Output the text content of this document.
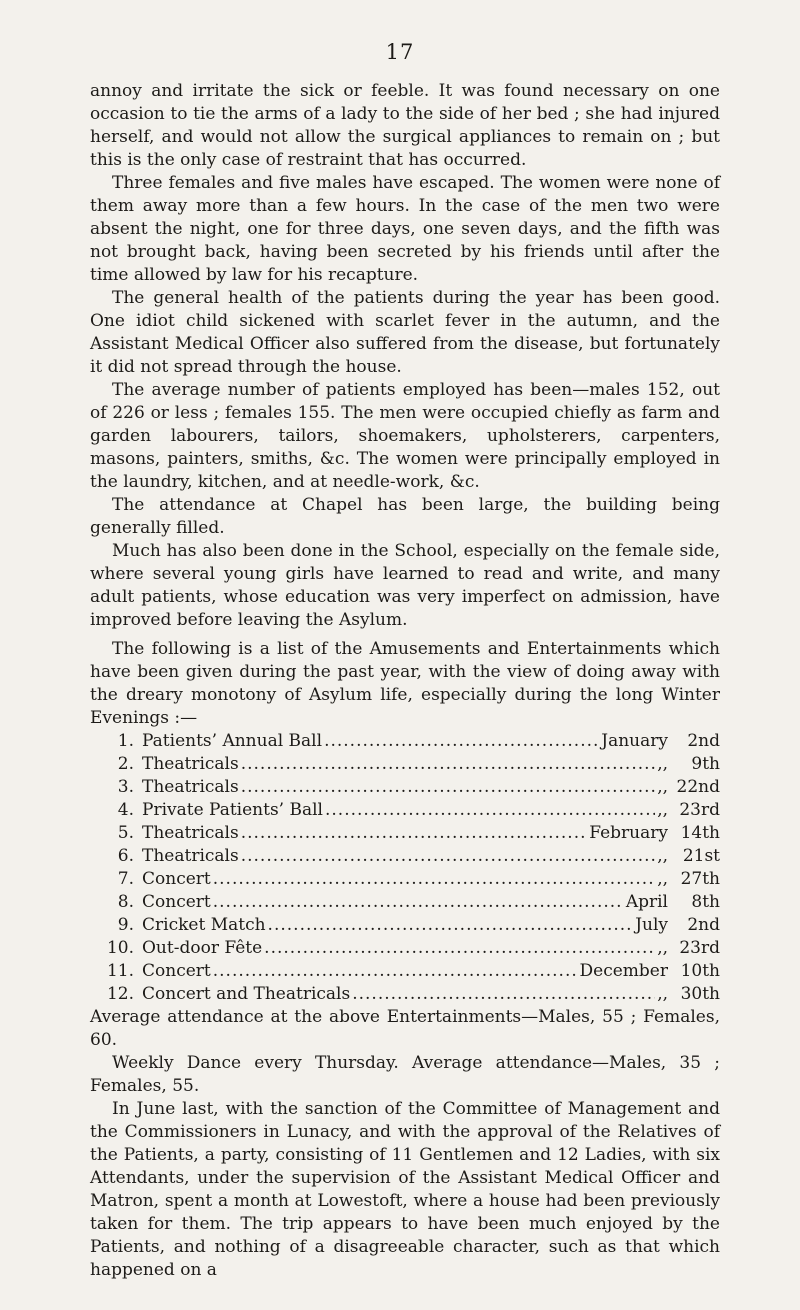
17

annoy and irritate the sick or feeble. It was found necessary on one occasion to tie the arms of a lady to the side of her bed ; she had injured herself, and would not allow the surgical appliances to remain on ; but this is the only case of restraint that has occurred.

Three females and five males have escaped. The women were none of them away more than a few hours. In the case of the men two were absent the night, one for three days, one seven days, and the fifth was not brought back, having been secreted by his friends until after the time allowed by law for his recapture.

The general health of the patients during the year has been good. One idiot child sickened with scarlet fever in the autumn, and the Assistant Medical Officer also suffered from the disease, but fortunately it did not spread through the house.

The average number of patients employed has been—males 152, out of 226 or less ; females 155. The men were occupied chiefly as farm and garden labourers, tailors, shoemakers, upholsterers, carpenters, masons, painters, smiths, &c. The women were principally employed in the laundry, kitchen, and at needle-work, &c.

The attendance at Chapel has been large, the building being generally filled.

Much has also been done in the School, especially on the female side, where several young girls have learned to read and write, and many adult patients, whose education was very imperfect on admission, have improved before leaving the Asylum.

The following is a list of the Amusements and Entertainments which have been given during the past year, with the view of doing away with the dreary monotony of Asylum life, especially during the long Winter Evenings :—

1. Patients’ Annual Ball .....	January	2nd
2. Theatricals .....	,,	9th
3. Theatricals .....	,, 22nd
4. Private Patients’ Ball .....	,, 23rd
5. Theatricals .....	February 14th
6. Theatricals .....	,, 21st
7. Concert .....	,, 27th
8. Concert .....	April	8th
9. Cricket Match .....	July	2nd
10. Out-door Fête .....	,, 23rd
11. Concert .....	December 10th
12. Concert and Theatricals .....	,, 30th

Average attendance at the above Entertainments—Males, 55 ; Females, 60.

Weekly Dance every Thursday. Average attendance—Males, 35 ; Females, 55.

In June last, with the sanction of the Committee of Management and the Commissioners in Lunacy, and with the approval of the Relatives of the Patients, a party, consisting of 11 Gentlemen and 12 Ladies, with six Attendants, under the supervision of the Assistant Medical Officer and Matron, spent a month at Lowestoft, where a house had been previously taken for them. The trip appears to have been much enjoyed by the Patients, and nothing of a disagreeable character, such as that which happened on a
